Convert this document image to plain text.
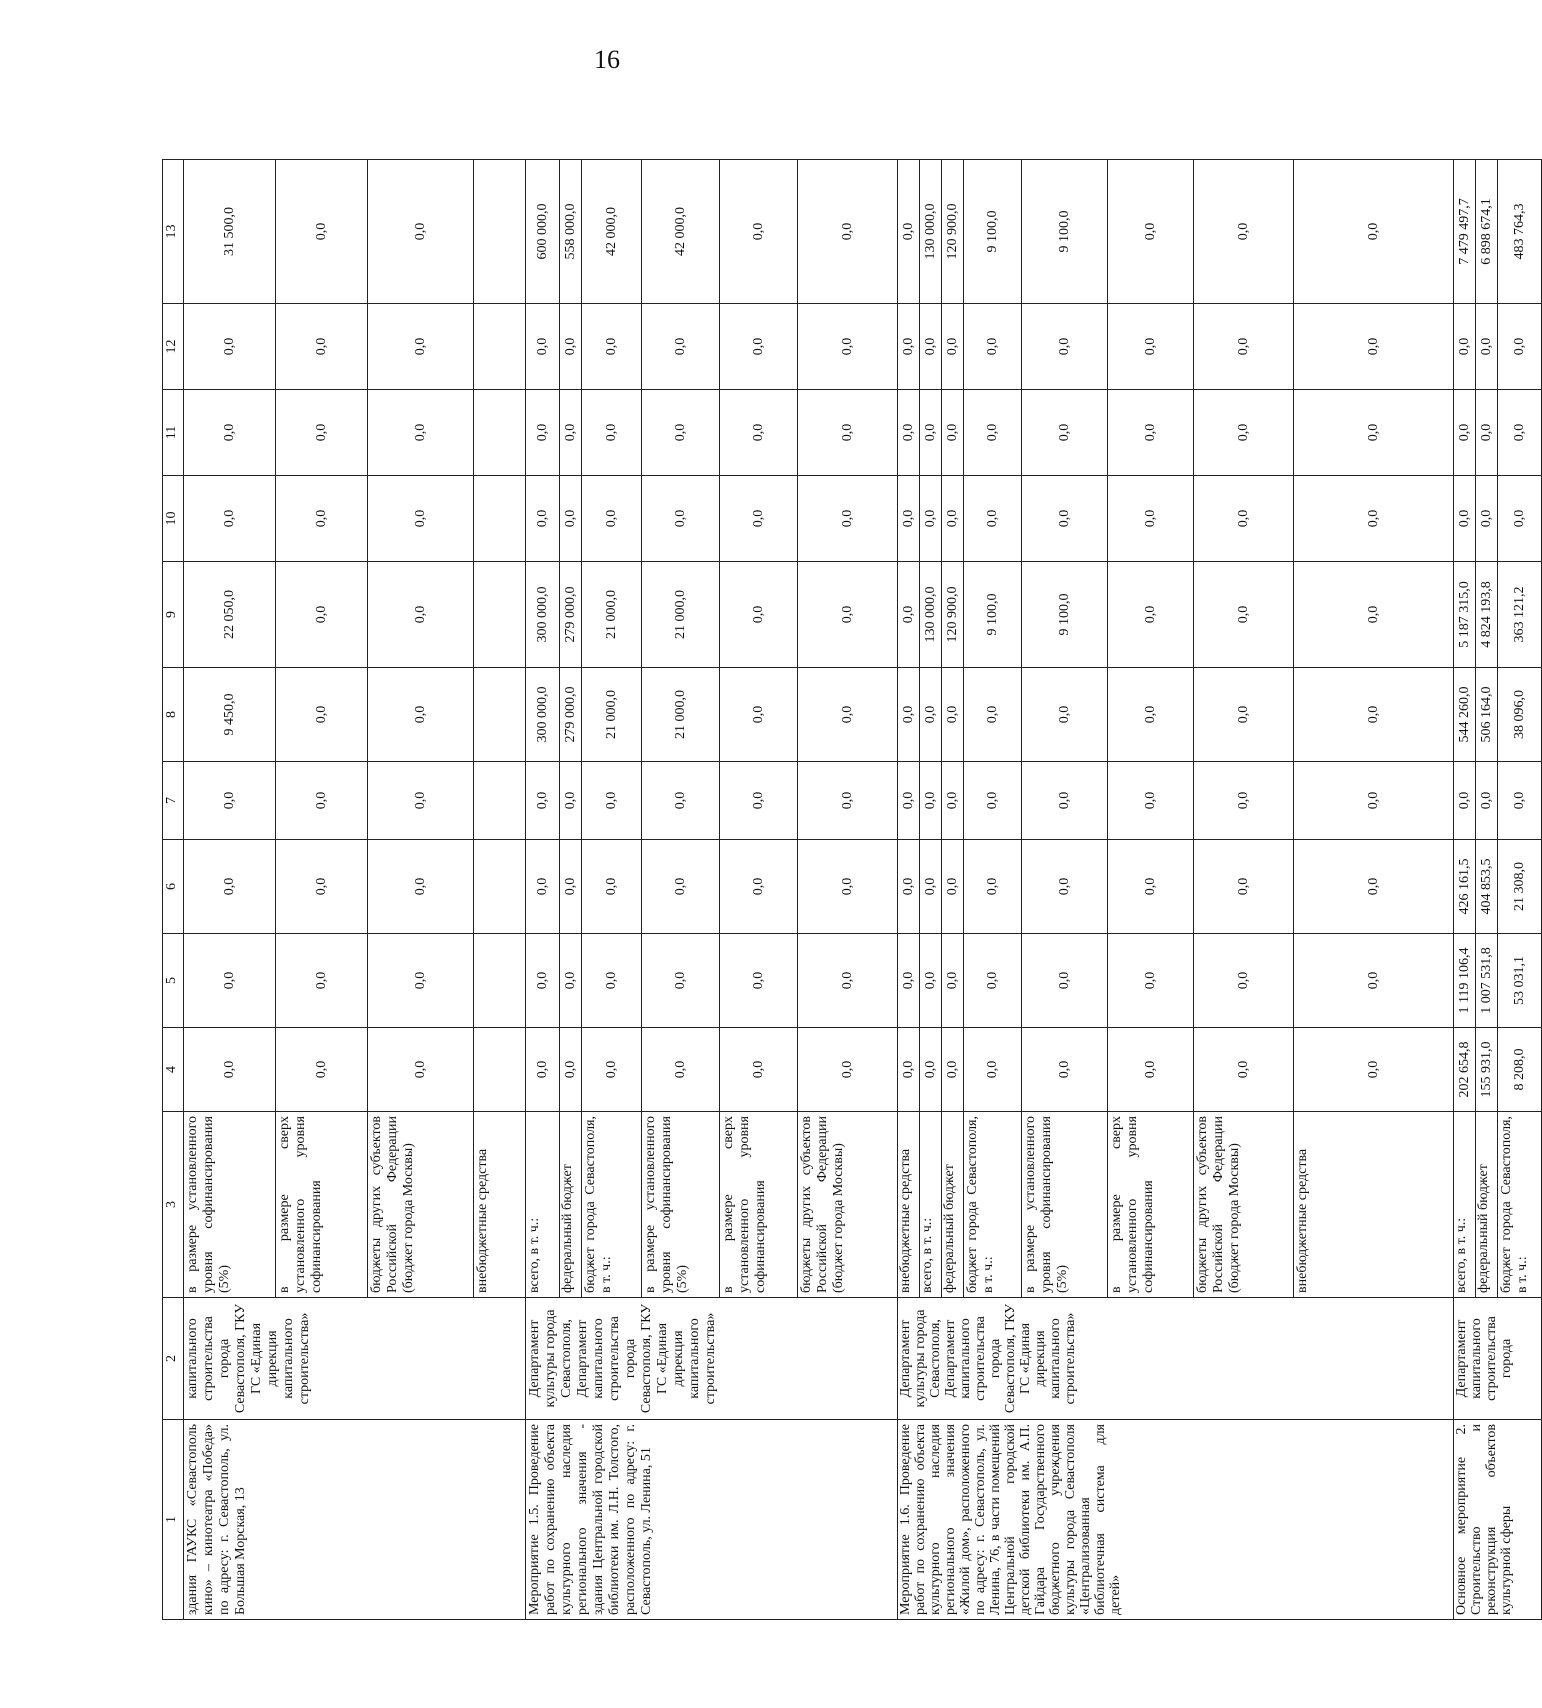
16
1	2	3	4	5	6	7	8	9	10	11	12	13
здания ГАУКС «Севастополь кино» – кинотеатра «Победа» по адресу: г. Севастополь, ул. Большая Морская, 13	капитального строительства города Севастополя, ГКУ ГС «Единая дирекция капитального строительства»	в размере установленного уровня софинансирования (5%)	0,0	0,0	0,0	0,0	9 450,0	22 050,0	0,0	0,0	0,0	31 500,0
		в размере сверх установленного уровня софинансирования	0,0	0,0	0,0	0,0	0,0	0,0	0,0	0,0	0,0	0,0
		бюджеты других субъектов Российской Федерации (бюджет города Москвы)	0,0	0,0	0,0	0,0	0,0	0,0	0,0	0,0	0,0	0,0
		внебюджетные средства										
Мероприятие 1.5. Проведение работ по сохранению объекта культурного наследия регионального значения - здания Центральной городской библиотеки им. Л.Н. Толстого, расположенного по адресу: г. Севастополь, ул. Ленина, 51	Департамент культуры города Севастополя, Департамент капитального строительства города Севастополя, ГКУ ГС «Единая дирекция капитального строительства»	всего, в т. ч.:	0,0	0,0	0,0	0,0	300 000,0	300 000,0	0,0	0,0	0,0	600 000,0
		федеральный бюджет	0,0	0,0	0,0	0,0	279 000,0	279 000,0	0,0	0,0	0,0	558 000,0
		бюджет города Севастополя, в т. ч.:	0,0	0,0	0,0	0,0	21 000,0	21 000,0	0,0	0,0	0,0	42 000,0
		в размере установленного уровня софинансирования (5%)	0,0	0,0	0,0	0,0	21 000,0	21 000,0	0,0	0,0	0,0	42 000,0
		в размере сверх установленного уровня софинансирования	0,0	0,0	0,0	0,0	0,0	0,0	0,0	0,0	0,0	0,0
		бюджеты других субъектов Российской Федерации (бюджет города Москвы)	0,0	0,0	0,0	0,0	0,0	0,0	0,0	0,0	0,0	0,0
Мероприятие 1.6. Проведение работ по сохранению объекта культурного наследия регионального значения «Жилой дом», расположенного по адресу: г. Севастополь, ул. Ленина, 76, в части помещений Центральной городской детской библиотеки им. А.П. Гайдара Государственного бюджетного учреждения культуры города Севастополя «Централизованная библиотечная система для детей»	Департамент культуры города Севастополя, Департамент капитального строительства города Севастополя, ГКУ ГС «Единая дирекция капитального строительства»	внебюджетные средства	0,0	0,0	0,0	0,0	0,0	0,0	0,0	0,0	0,0	0,0
		всего, в т. ч.:	0,0	0,0	0,0	0,0	0,0	130 000,0	0,0	0,0	0,0	130 000,0
		федеральный бюджет	0,0	0,0	0,0	0,0	0,0	120 900,0	0,0	0,0	0,0	120 900,0
		бюджет города Севастополя, в т. ч.:	0,0	0,0	0,0	0,0	0,0	9 100,0	0,0	0,0	0,0	9 100,0
		в размере установленного уровня софинансирования (5%)	0,0	0,0	0,0	0,0	0,0	9 100,0	0,0	0,0	0,0	9 100,0
		в размере сверх установленного уровня софинансирования	0,0	0,0	0,0	0,0	0,0	0,0	0,0	0,0	0,0	0,0
		бюджеты других субъектов Российской Федерации (бюджет города Москвы)	0,0	0,0	0,0	0,0	0,0	0,0	0,0	0,0	0,0	0,0
		внебюджетные средства	0,0	0,0	0,0	0,0	0,0	0,0	0,0	0,0	0,0	0,0
Основное мероприятие 2. Строительство и реконструкция объектов культурной сферы	Департамент капитального строительства города	всего, в т. ч.:	202 654,8	1 119 106,4	426 161,5	0,0	544 260,0	5 187 315,0	0,0	0,0	0,0	7 479 497,7
		федеральный бюджет	155 931,0	1 007 531,8	404 853,5	0,0	506 164,0	4 824 193,8	0,0	0,0	0,0	6 898 674,1
		бюджет города Севастополя, в т. ч.:	8 208,0	53 031,1	21 308,0	0,0	38 096,0	363 121,2	0,0	0,0	0,0	483 764,3
